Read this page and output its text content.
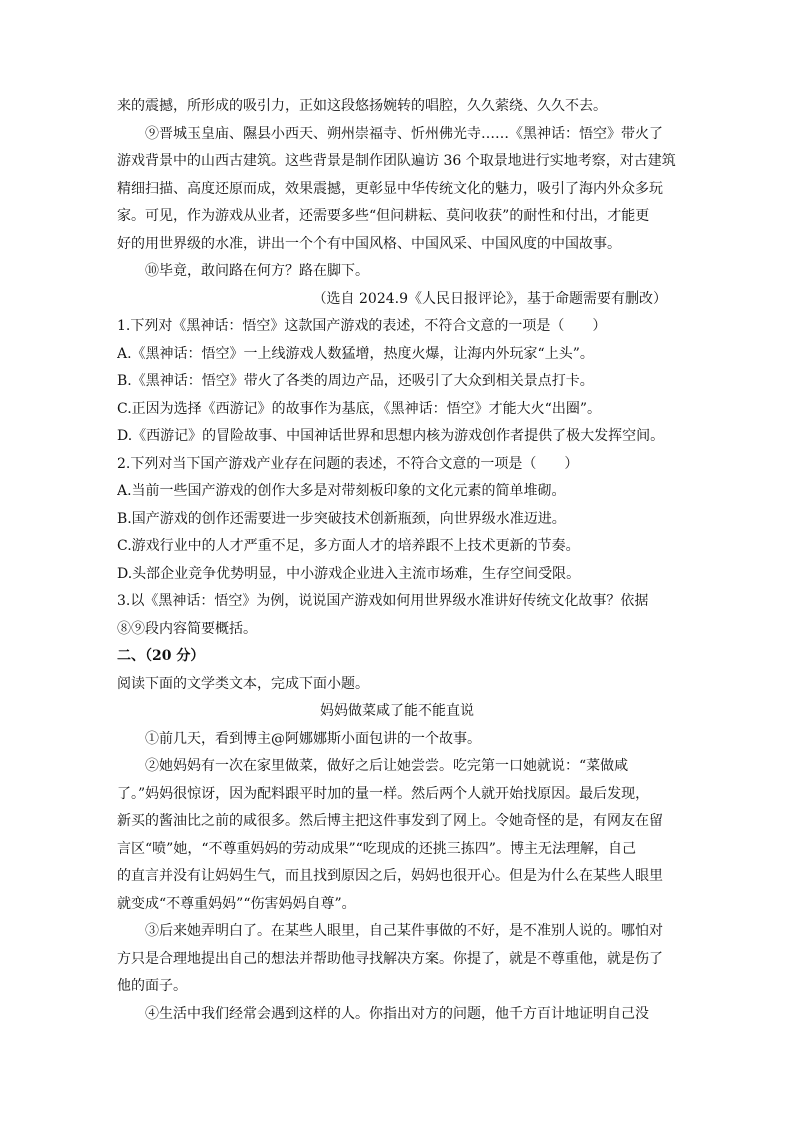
来的震撼，所形成的吸引力，正如这段悠扬婉转的唱腔，久久萦绕、久久不去。
⑨晋城玉皇庙、隰县小西天、朔州崇福寺、忻州佛光寺……《黑神话：悟空》带火了
游戏背景中的山西古建筑。这些背景是制作团队遍访 36 个取景地进行实地考察，对古建筑
精细扫描、高度还原而成，效果震撼，更彰显中华传统文化的魅力，吸引了海内外众多玩
家。可见，作为游戏从业者，还需要多些“但问耕耘、莫问收获”的耐性和付出，才能更
好的用世界级的水准，讲出一个个有中国风格、中国风采、中国风度的中国故事。
⑩毕竟，敢问路在何方？路在脚下。
（选自 2024.9《人民日报评论》，基于命题需要有删改）
1.下列对《黑神话：悟空》这款国产游戏的表述，不符合文意的一项是（　　）
A.《黑神话：悟空》一上线游戏人数猛增，热度火爆，让海内外玩家“上头”。
B.《黑神话：悟空》带火了各类的周边产品，还吸引了大众到相关景点打卡。
C.正因为选择《西游记》的故事作为基底，《黑神话：悟空》才能大火“出圈”。
D.《西游记》的冒险故事、中国神话世界和思想内核为游戏创作者提供了极大发挥空间。
2.下列对当下国产游戏产业存在问题的表述，不符合文意的一项是（　　）
A.当前一些国产游戏的创作大多是对带刻板印象的文化元素的简单堆砌。
B.国产游戏的创作还需要进一步突破技术创新瓶颈，向世界级水准迈进。
C.游戏行业中的人才严重不足，多方面人才的培养跟不上技术更新的节奏。
D.头部企业竞争优势明显，中小游戏企业进入主流市场难，生存空间受限。
3.以《黑神话：悟空》为例，说说国产游戏如何用世界级水准讲好传统文化故事？依据
⑧⑨段内容简要概括。
二、（20 分）
阅读下面的文学类文本，完成下面小题。
妈妈做菜咸了能不能直说
①前几天，看到博主@阿娜娜斯小面包讲的一个故事。
②她妈妈有一次在家里做菜，做好之后让她尝尝。吃完第一口她就说：“菜做咸
了。”妈妈很惊讶，因为配料跟平时加的量一样。然后两个人就开始找原因。最后发现，
新买的酱油比之前的咸很多。然后博主把这件事发到了网上。令她奇怪的是，有网友在留
言区“喷”她，“不尊重妈妈的劳动成果”“吃现成的还挑三拣四”。博主无法理解，自己
的直言并没有让妈妈生气，而且找到原因之后，妈妈也很开心。但是为什么在某些人眼里
就变成“不尊重妈妈”“伤害妈妈自尊”。
③后来她弄明白了。在某些人眼里，自己某件事做的不好，是不准别人说的。哪怕对
方只是合理地提出自己的想法并帮助他寻找解决方案。你提了，就是不尊重他，就是伤了
他的面子。
④生活中我们经常会遇到这样的人。你指出对方的问题，他千方百计地证明自己没
